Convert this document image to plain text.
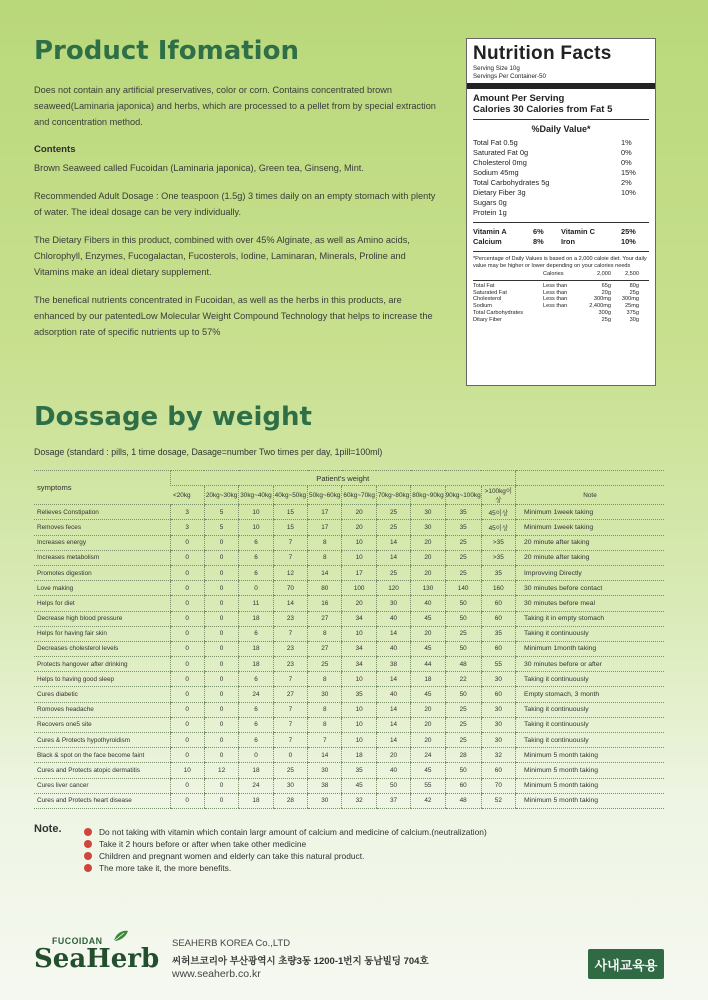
Product Ifomation

Does not contain any artificial preservatives, color or corn. Contains concentrated brown seaweed(Laminaria japonica) and herbs, which are processed to a pellet from by special extraction and concentration method.

Contents

Brown Seaweed called Fucoidan (Laminaria japonica), Green tea, Ginseng, Mint.

Recommended Adult Dosage : One teaspoon (1.5g) 3 times daily on an empty stomach with plenty of water. The ideal dosage can be very individually.

The Dietary Fibers in this product, combined with over 45% Alginate, as well as Amino acids, Chlorophyll, Enzymes, Fucogalactan, Fucosterols, Iodine, Laminaran, Minerals, Proline and Vitamins make an ideal dietary supplement.

The benefical nutrients concentrated in Fucoidan, as well as the herbs in this products, are enhanced by our patentedLow Molecular Weight Compound Technology that helps to increase the adsorption rate of specific nutrients up to 57%

Nutrition Facts
Serving Size 10g
Servings Per Container-50
Amount Per Serving
Calories 30 Calories from Fat 5
%Daily Value*
Total Fat 0.5g	1%
Saturated Fat 0g	0%
Cholesterol 0mg	0%
Sodium 45mg	15%
Total Carbohydrates 5g	2%
Dietary Fiber 3g	10%
Sugars 0g
Protein 1g
Vitamin A	6%	Vitamin C	25%
Calcium	8%	Iron	10%
*Percentage of Daily Values is based on a 2,000 caloie diet. Your daily value may be higher or lower depending on your calories needs
Calories	2,000	2,500
Total Fat	Less than	65g	80g
Saturated Fat	Less than	20g	25g
Cholesterol	Less than	300mg	300mg
Sodium	Less than	2,400mg	25mg
Total Carbohydrates	300g	375g
Ditary Fiber	25g	30g
Dossage by weight
Dosage (standard : pills, 1 time dosage, Dasage=number Two times per day, 1pill=100ml)
symptoms	Patient's weight										
	<20kg	20kg~30kg	30kg~40kg	40kg~50kg	50kg~60kg	60kg~70kg	70kg~80kg	80kg~90kg	90kg~100kg	>100kg이상	Note
Relieves Constipation	3	5	10	15	17	20	25	30	35	45이상	Minimum 1week taking
Removes feces	3	5	10	15	17	20	25	30	35	45이상	Minimum 1week taking
Increases energy	0	0	6	7	8	10	14	20	25	>35	20 minute after taking
Increases metabolism	0	0	6	7	8	10	14	20	25	>35	20 minute after taking
Promotes digestion	0	0	6	12	14	17	25	20	25	35	Improvving Directly
Love making	0	0	0	70	80	100	120	130	140	160	30 minutes before contact
Helps for diet	0	0	11	14	16	20	30	40	50	60	30 minutes before meal
Decrease high blood pressure	0	0	18	23	27	34	40	45	50	60	Taking it in empty stomach
Helps for having fair skin	0	0	6	7	8	10	14	20	25	35	Taking it continuously
Decreases cholesterol levels	0	0	18	23	27	34	40	45	50	60	Minimum 1month taking
Protects hangover after drinking	0	0	18	23	25	34	38	44	48	55	30 minutes before or after
Helps to having good sleep	0	0	6	7	8	10	14	18	22	30	Taking it continuously
Cures diabetic	0	0	24	27	30	35	40	45	50	60	Empty stomach, 3 month
Romoves headache	0	0	6	7	8	10	14	20	25	30	Taking it continuously
Recovers one5 site	0	0	6	7	8	10	14	20	25	30	Taking it continuously
Cures & Protects hypothyroidism	0	0	6	7	7	10	14	20	25	30	Taking it continuously
Black & spot on the face become faint	0	0	0	0	14	18	20	24	28	32	Minimum 5 month taking
Cures and Protects atopic dermatitis	10	12	18	25	30	35	40	45	50	60	Minimum 5 month taking
Cures liver cancer	0	0	24	30	38	45	50	55	60	70	Minimum 5 month taking
Cures and Protects heart disease	0	0	18	28	30	32	37	42	48	52	Minimum 5 month taking
Note.	Do not taking with vitamin which contain largr amount of calcium and medicine of calcium.(neutralization)
Take it 2 hours before or after when take other medicine
Children and pregnant women and elderly can take this natural product.
The more take it, the more benefits.
FUCOIDAN
SeaHerb
SEAHERB KOREA Co.,LTD
씨허브코리아 부산광역시 초량3동 1200-1번지 동남빌딩 704호
www.seaherb.co.kr
사내교육용
